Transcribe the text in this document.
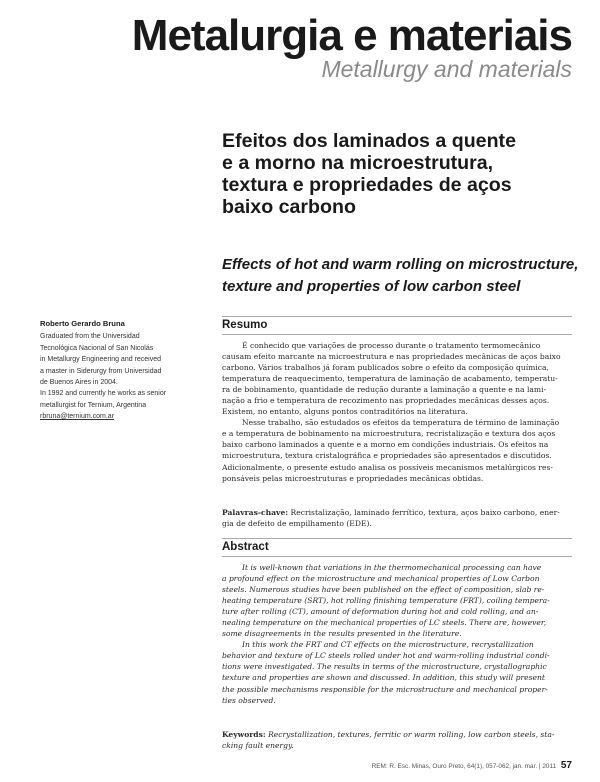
Metalurgia e materiais
Metallurgy and materials
Efeitos dos laminados a quente
e a morno na microestrutura,
textura e propriedades de aços
baixo carbono
Effects of hot and warm rolling on microstructure,
texture and properties of low carbon steel
Roberto Gerardo Bruna
Graduated from the Universidad
Tecnológica Nacional of San Nicolás
in Metallurgy Engineering and received
a master in Siderurgy from Universidad
de Buenos Aires in 2004.
In 1992 and currently he works as senior
metallurgist for Ternium, Argentina
rbruna@ternium.com.ar
Resumo
É conhecido que variações de processo durante o tratamento termomecânico
causam efeito marcante na microestrutura e nas propriedades mecânicas de aços baixo
carbono. Vários trabalhos já foram publicados sobre o efeito da composição química,
temperatura de reaquecimento, temperatura de laminação de acabamento, temperatu-
ra de bobinamento, quantidade de redução durante a laminação a quente e na lami-
nação a frio e temperatura de recozimento nas propriedades mecânicas desses aços.
Existem, no entanto, alguns pontos contraditórios na literatura.
Nesse trabalho, são estudados os efeitos da temperatura de término de laminação
e a temperatura de bobinamento na microestrutura, recristalização e textura dos aços
baixo carbono laminados a quente e a morno em condições industriais. Os efeitos na
microestrutura, textura cristalográfica e propriedades são apresentados e discutidos.
Adicionalmente, o presente estudo analisa os possíveis mecanismos metalúrgicos res-
ponsáveis pelas microestruturas e propriedades mecânicas obtidas.
Palavras-chave: Recristalização, laminado ferrítico, textura, aços baixo carbono, ener-
gia de defeito de empilhamento (EDE).
Abstract
It is well-known that variations in the thermomechanical processing can have
a profound effect on the microstructure and mechanical properties of Low Carbon
steels. Numerous studies have been published on the effect of composition, slab re-
heating temperature (SRT), hot rolling finishing temperature (FRT), coiling tempera-
ture after rolling (CT), amount of deformation during hot and cold rolling, and an-
nealing temperature on the mechanical properties of LC steels. There are, however,
some disagreements in the results presented in the literature.
In this work the FRT and CT effects on the microstructure, recrystallization
behavior and texture of LC steels rolled under hot and warm-rolling industrial condi-
tions were investigated. The results in terms of the microstructure, crystallographic
texture and properties are shown and discussed. In addition, this study will present
the possible mechanisms responsible for the microstructure and mechanical proper-
ties observed.
Keywords: Recrystallization, textures, ferritic or warm rolling, low carbon steels, sta-
cking fault energy.
REM: R. Esc. Minas, Ouro Preto, 64(1), 057-062, jan. mar. | 2011 57
